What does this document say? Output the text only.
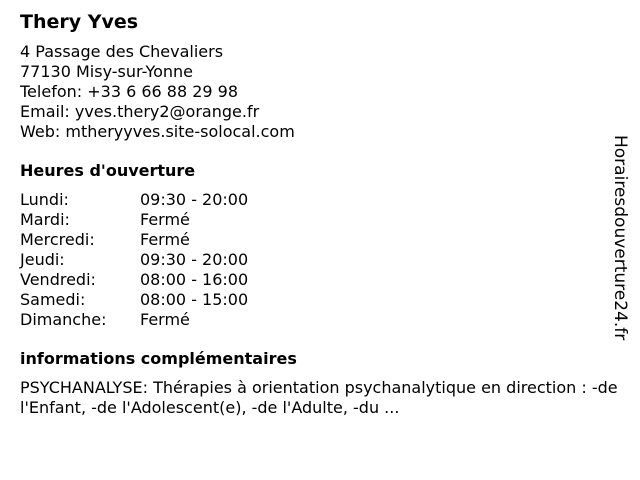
Thery Yves
4 Passage des Chevaliers
77130 Misy-sur-Yonne
Telefon: +33 6 66 88 29 98
Email: yves.thery2@orange.fr
Web: mtheryyves.site-solocal.com
Heures d'ouverture
Lundi:	09:30 - 20:00
Mardi:	Fermé
Mercredi:	Fermé
Jeudi:	09:30 - 20:00
Vendredi:	08:00 - 16:00
Samedi:	08:00 - 15:00
Dimanche:	Fermé
informations complémentaires
PSYCHANALYSE: Thérapies à orientation psychanalytique en direction : -de l'Enfant, -de l'Adolescent(e), -de l'Adulte, -du ...
Horairesdouverture24.fr
